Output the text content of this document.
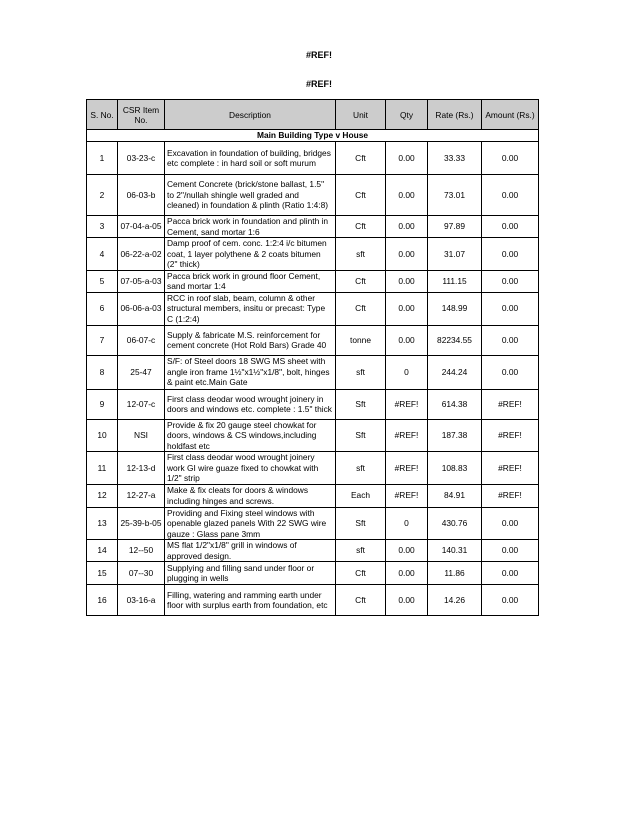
#REF!
#REF!
S. No.	CSR Item No.	Description	Unit	Qty	Rate (Rs.)	Amount (Rs.)
Main Building Type v House						
1	03-23-c	Excavation in foundation of building, bridges etc complete : in hard soil or soft murum	Cft	0.00	33.33	0.00
2	06-03-b	Cement Concrete (brick/stone ballast, 1.5" to 2"/nullah shingle well graded and cleaned) in foundation & plinth (Ratio 1:4:8)	Cft	0.00	73.01	0.00
3	07-04-a-05	Pacca brick work in foundation and plinth in Cement, sand mortar 1:6	Cft	0.00	97.89	0.00
4	06-22-a-02	Damp proof of cem. conc. 1:2:4 i/c bitumen coat, 1 layer polythene & 2 coats bitumen (2" thick)	sft	0.00	31.07	0.00
5	07-05-a-03	Pacca brick work in ground floor Cement, sand mortar 1:4	Cft	0.00	111.15	0.00
6	06-06-a-03	RCC in roof slab, beam, column & other structural members, insitu or precast: Type C (1:2:4)	Cft	0.00	148.99	0.00
7	06-07-c	Supply & fabricate M.S. reinforcement for cement concrete (Hot Rold Bars) Grade 40	tonne	0.00	82234.55	0.00
8	25-47	S/F: of Steel doors 18 SWG MS sheet with angle iron frame 1½"x1½"x1/8", bolt, hinges & paint etc.Main Gate	sft	0	244.24	0.00
9	12-07-c	First class deodar wood wrought joinery in doors and windows etc. complete : 1.5" thick	Sft	#REF!	614.38	#REF!
10	NSI	Provide & fix 20 gauge steel chowkat for doors, windows & CS windows,including holdfast etc	Sft	#REF!	187.38	#REF!
11	12-13-d	First class deodar wood wrought joinery work GI wire guaze fixed to chowkat with 1/2" strip	sft	#REF!	108.83	#REF!
12	12-27-a	Make & fix cleats for doors & windows including hinges and screws.	Each	#REF!	84.91	#REF!
13	25-39-b-05	Providing and Fixing steel windows with openable glazed panels With 22 SWG wire gauze : Glass pane 3mm	Sft	0	430.76	0.00
14	12--50	MS flat 1/2"x1/8" grill in windows of approved design.	sft	0.00	140.31	0.00
15	07--30	Supplying and filling sand under floor or plugging in wells	Cft	0.00	11.86	0.00
16	03-16-a	Filling, watering and ramming earth under floor with surplus earth from foundation, etc	Cft	0.00	14.26	0.00
